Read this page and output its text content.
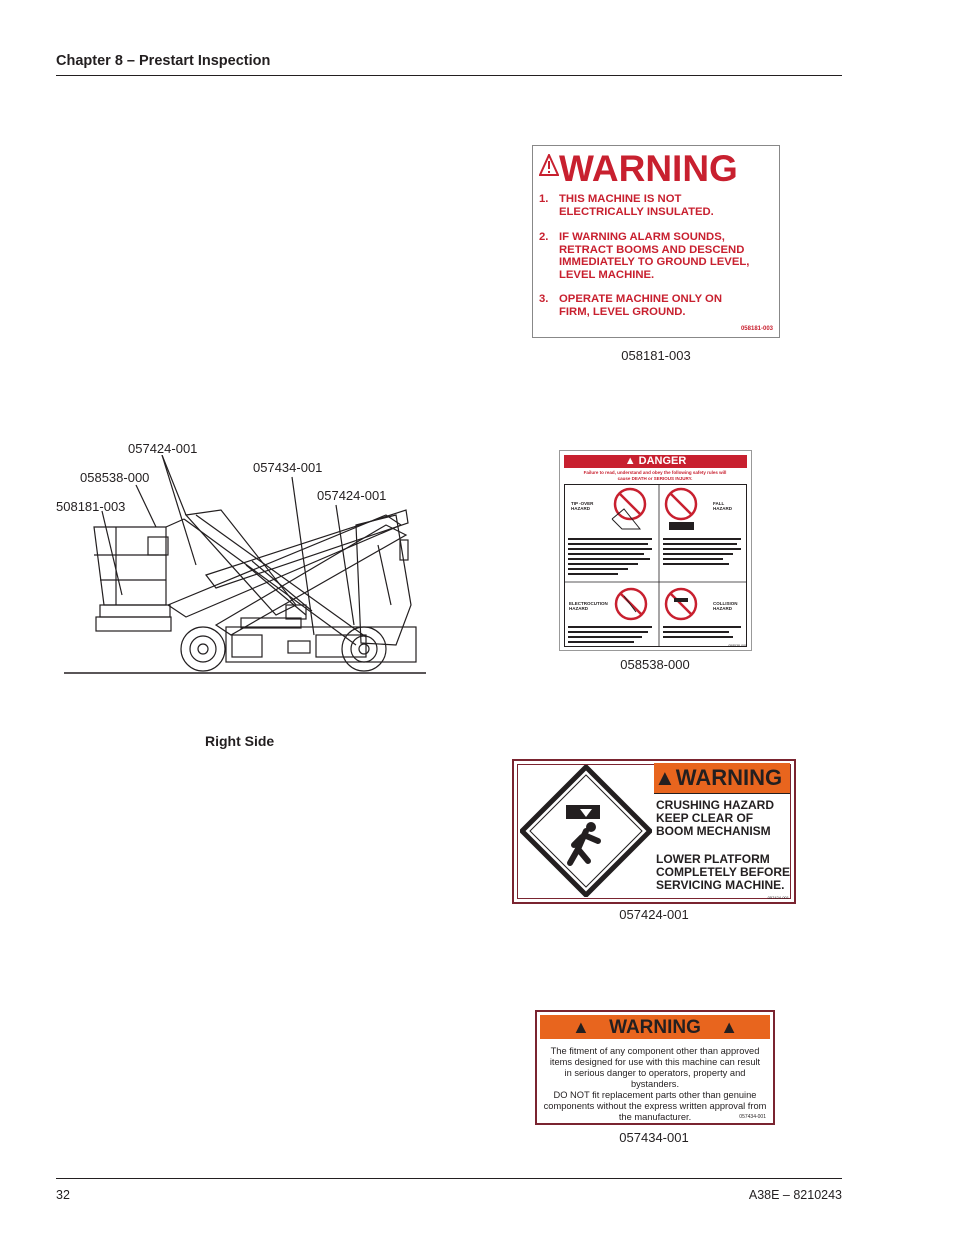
Chapter 8 – Prestart Inspection
WARNING
1. THIS MACHINE IS NOT
ELECTRICALLY INSULATED.
2. IF WARNING ALARM SOUNDS,
RETRACT BOOMS AND DESCEND
IMMEDIATELY TO GROUND LEVEL,
LEVEL MACHINE.
3. OPERATE MACHINE ONLY ON
FIRM, LEVEL GROUND.
058181-003
058181-003
057424-001
058538-000
508181-003
057434-001
057424-001
Right Side
▲ DANGER
Failure to read, understand and obey the following safety rules will cause DEATH or SERIOUS INJURY.
TIP -OVER HAZARD
FALL HAZARD
ELECTROCUTION HAZARD
COLLISION HAZARD
058538-000
058538-000
▲WARNING
CRUSHING HAZARD
KEEP CLEAR OF
BOOM MECHANISM
LOWER PLATFORM
COMPLETELY BEFORE
SERVICING MACHINE.
057424-001
057424-001
▲ WARNING ▲
The fitment of any component other than approved
items designed for use with this machine can result
in serious danger to operators, property and bystanders.
DO NOT fit replacement parts other than genuine
components without the express written approval from
the manufacturer.	057434-001
057434-001
32	A38E – 8210243
